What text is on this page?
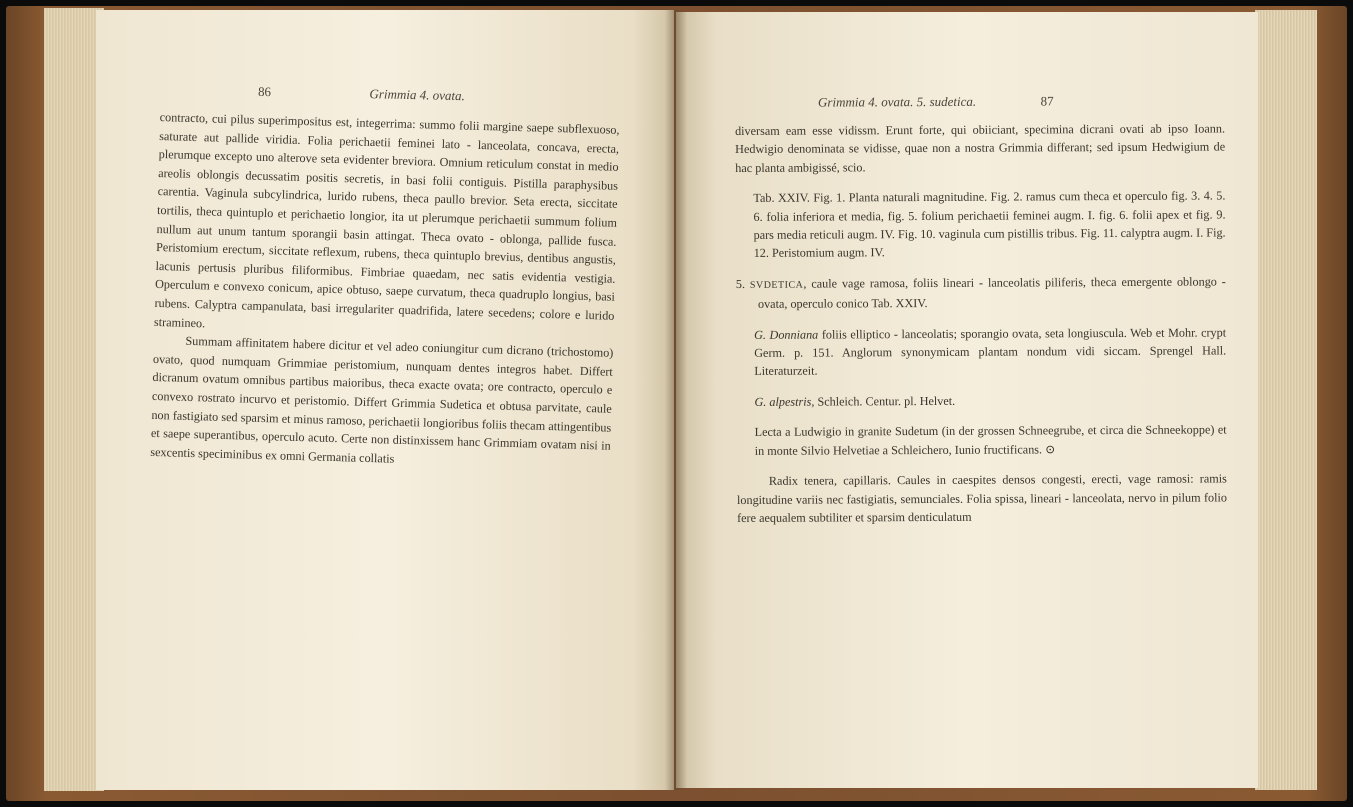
86	Grimmia 4. ovata.

contracto, cui pilus superimpositus est, integerrima: summo folii margine saepe subflexuoso, saturate aut pallide viridia. Folia perichaetii feminei lato - lanceolata, concava, erecta, plerumque excepto uno alterove seta evidenter breviora. Omnium reticulum constat in medio areolis oblongis decussatim positis secretis, in basi folii contiguis. Pistilla paraphysibus carentia. Vaginula subcylindrica, lurido rubens, theca paullo brevior. Seta erecta, siccitate tortilis, theca quintuplo et perichaetio longior, ita ut plerumque perichaetii summum folium nullum aut unum tantum sporangii basin attingat. Theca ovato - oblonga, pallide fusca. Peristomium erectum, siccitate reflexum, rubens, theca quintuplo brevius, dentibus angustis, lacunis pertusis pluribus filiformibus. Fimbriae quaedam, nec satis evidentia vestigia. Operculum e convexo conicum, apice obtuso, saepe curvatum, theca quadruplo longius, basi rubens. Calyptra campanulata, basi irregulariter quadrifida, latere secedens; colore e lurido stramineo.

Summam affinitatem habere dicitur et vel adeo coniungitur cum dicrano (trichostomo) ovato, quod numquam Grimmiae peristomium, nunquam dentes integros habet. Differt dicranum ovatum omnibus partibus maioribus, theca exacte ovata; ore contracto, operculo e convexo rostrato incurvo et peristomio. Differt Grimmia Sudetica et obtusa parvitate, caule non fastigiato sed sparsim et minus ramoso, perichaetii longioribus foliis thecam attingentibus et saepe superantibus, operculo acuto. Certe non distinxissem hanc Grimmiam ovatam nisi in sexcentis speciminibus ex omni Germania collatis

Grimmia 4. ovata. 5. sudetica.	87

diversam eam esse vidissm. Erunt forte, qui obiiciant, specimina dicrani ovati ab ipso Ioann. Hedwigio denominata se vidisse, quae non a nostra Grimmia differant; sed ipsum Hedwigium de hac planta ambigissé, scio.

Tab. XXIV. Fig. 1. Planta naturali magnitudine. Fig. 2. ramus cum theca et operculo fig. 3. 4. 5. 6. folia inferiora et media, fig. 5. folium perichaetii feminei augm. I. fig. 6. folii apex et fig. 9. pars media reticuli augm. IV. Fig. 10. vaginula cum pistillis tribus. Fig. 11. calyptra augm. I. Fig. 12. Peristomium augm. IV.

5. SVDETICA, caule vage ramosa, foliis lineari - lanceolatis piliferis, theca emergente oblongo - ovata, operculo conico Tab. XXIV.

G. Donniana foliis elliptico - lanceolatis; sporangio ovata, seta longiuscula. Web et Mohr. crypt Germ. p. 151. Anglorum synonymicam plantam nondum vidi siccam. Sprengel Hall. Literaturzeit.

G. alpestris, Schleich. Centur. pl. Helvet.

Lecta a Ludwigio in granite Sudetum (in der grossen Schneegrube, et circa die Schneekoppe) et in monte Silvio Helvetiae a Schleichero, Iunio fructificans. ⊙

Radix tenera, capillaris. Caules in caespites densos congesti, erecti, vage ramosi: ramis longitudine variis nec fastigiatis, semunciales. Folia spissa, lineari - lanceolata, nervo in pilum folio fere aequalem subtiliter et sparsim denticulatum
